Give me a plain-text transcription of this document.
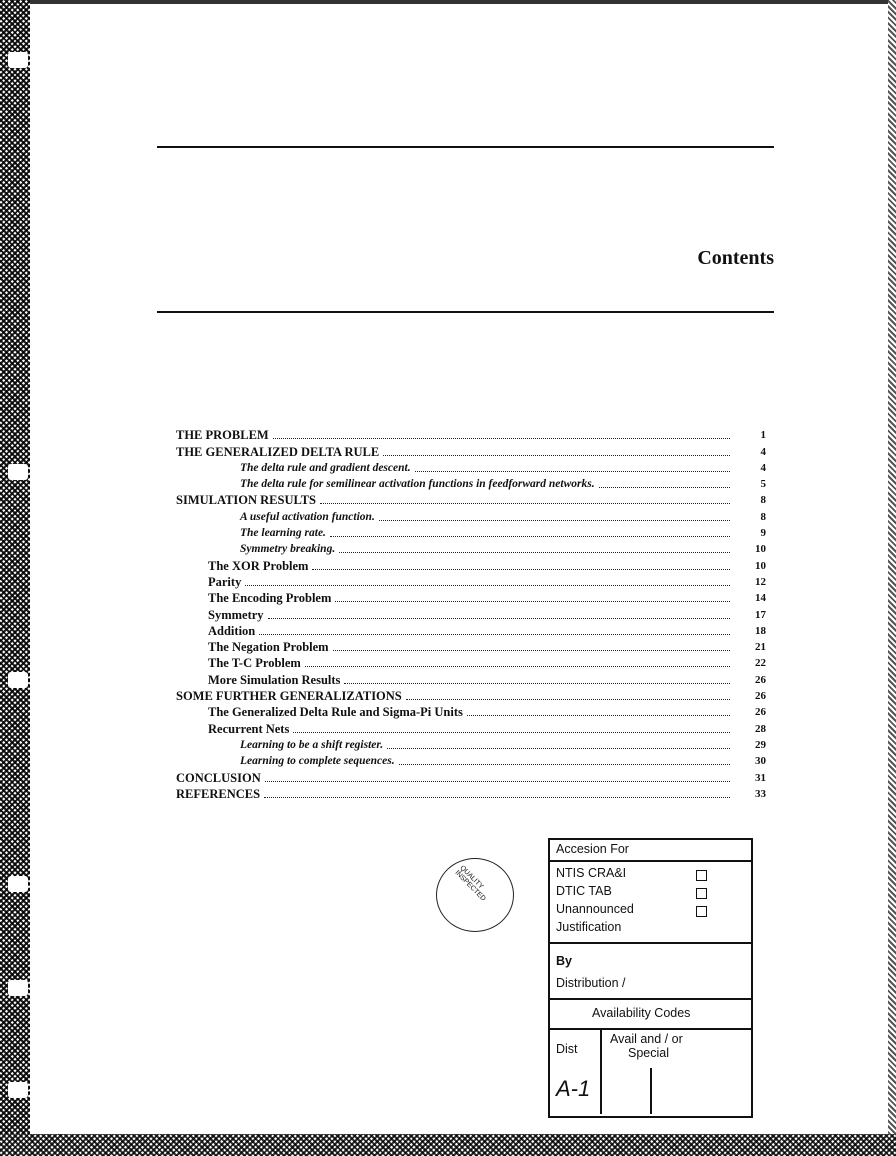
Contents
THE PROBLEM	1
THE GENERALIZED DELTA RULE	4
The delta rule and gradient descent.	4
The delta rule for semilinear activation functions in feedforward networks.	5
SIMULATION RESULTS	8
A useful activation function.	8
The learning rate.	9
Symmetry breaking.	10
The XOR Problem	10
Parity	12
The Encoding Problem	14
Symmetry	17
Addition	18
The Negation Problem	21
The T-C Problem	22
More Simulation Results	26
SOME FURTHER GENERALIZATIONS	26
The Generalized Delta Rule and Sigma-Pi Units	26
Recurrent Nets	28
Learning to be a shift register.	29
Learning to complete sequences.	30
CONCLUSION	31
REFERENCES	33
QUALITY INSPECTED
Accesion For
NTIS CRA&I
DTIC TAB
Unannounced
Justification
By
Distribution /
Availability Codes
Dist
Avail and / or
Special
A-1
